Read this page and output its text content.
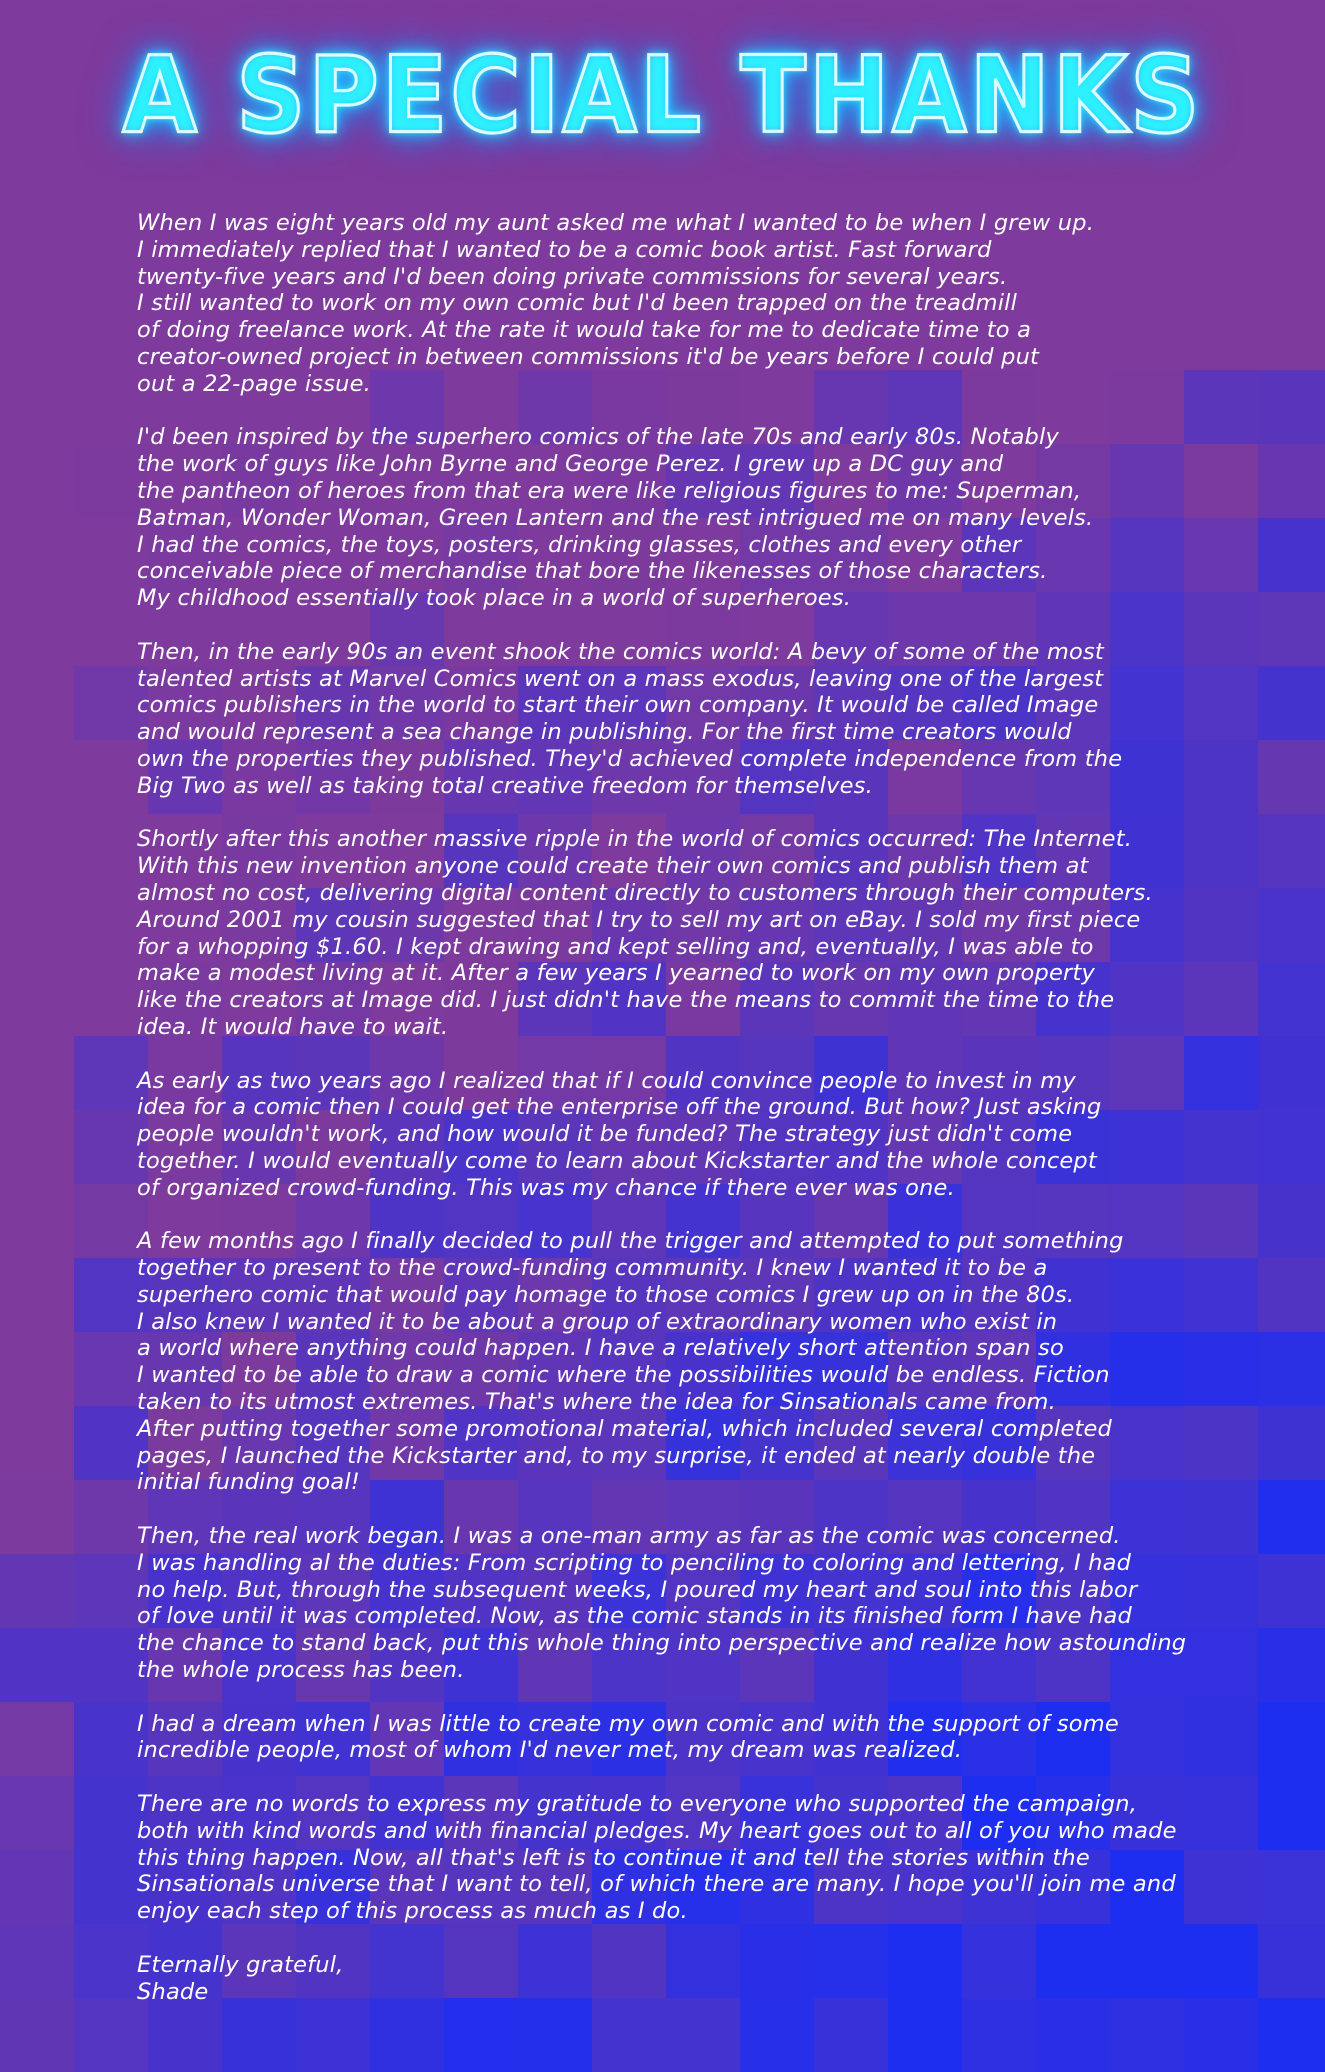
A SPECIAL THANKS

When I was eight years old my aunt asked me what I wanted to be when I grew up.
I immediately replied that I wanted to be a comic book artist. Fast forward
twenty-five years and I'd been doing private commissions for several years.
I still wanted to work on my own comic but I'd been trapped on the treadmill
of doing freelance work. At the rate it would take for me to dedicate time to a
creator-owned project in between commissions it'd be years before I could put
out a 22-page issue.

I'd been inspired by the superhero comics of the late 70s and early 80s. Notably
the work of guys like John Byrne and George Perez. I grew up a DC guy and
the pantheon of heroes from that era were like religious figures to me: Superman,
Batman, Wonder Woman, Green Lantern and the rest intrigued me on many levels.
I had the comics, the toys, posters, drinking glasses, clothes and every other
conceivable piece of merchandise that bore the likenesses of those characters.
My childhood essentially took place in a world of superheroes.

Then, in the early 90s an event shook the comics world: A bevy of some of the most
talented artists at Marvel Comics went on a mass exodus, leaving one of the largest
comics publishers in the world to start their own company. It would be called Image
and would represent a sea change in publishing. For the first time creators would
own the properties they published. They'd achieved complete independence from the
Big Two as well as taking total creative freedom for themselves.

Shortly after this another massive ripple in the world of comics occurred: The Internet.
With this new invention anyone could create their own comics and publish them at
almost no cost, delivering digital content directly to customers through their computers.
Around 2001 my cousin suggested that I try to sell my art on eBay. I sold my first piece
for a whopping $1.60. I kept drawing and kept selling and, eventually, I was able to
make a modest living at it. After a few years I yearned to work on my own property
like the creators at Image did. I just didn't have the means to commit the time to the
idea. It would have to wait.

As early as two years ago I realized that if I could convince people to invest in my
idea for a comic then I could get the enterprise off the ground. But how? Just asking
people wouldn't work, and how would it be funded? The strategy just didn't come
together. I would eventually come to learn about Kickstarter and the whole concept
of organized crowd-funding. This was my chance if there ever was one.

A few months ago I finally decided to pull the trigger and attempted to put something
together to present to the crowd-funding community. I knew I wanted it to be a
superhero comic that would pay homage to those comics I grew up on in the 80s.
I also knew I wanted it to be about a group of extraordinary women who exist in
a world where anything could happen. I have a relatively short attention span so
I wanted to be able to draw a comic where the possibilities would be endless. Fiction
taken to its utmost extremes. That's where the idea for Sinsationals came from.
After putting together some promotional material, which included several completed
pages, I launched the Kickstarter and, to my surprise, it ended at nearly double the
initial funding goal!

Then, the real work began. I was a one-man army as far as the comic was concerned.
I was handling al the duties: From scripting to penciling to coloring and lettering, I had
no help. But, through the subsequent weeks, I poured my heart and soul into this labor
of love until it was completed. Now, as the comic stands in its finished form I have had
the chance to stand back, put this whole thing into perspective and realize how astounding
the whole process has been.

I had a dream when I was little to create my own comic and with the support of some
incredible people, most of whom I'd never met, my dream was realized.

There are no words to express my gratitude to everyone who supported the campaign,
both with kind words and with financial pledges. My heart goes out to all of you who made
this thing happen. Now, all that's left is to continue it and tell the stories within the
Sinsationals universe that I want to tell, of which there are many. I hope you'll join me and
enjoy each step of this process as much as I do.

Eternally grateful,
Shade
